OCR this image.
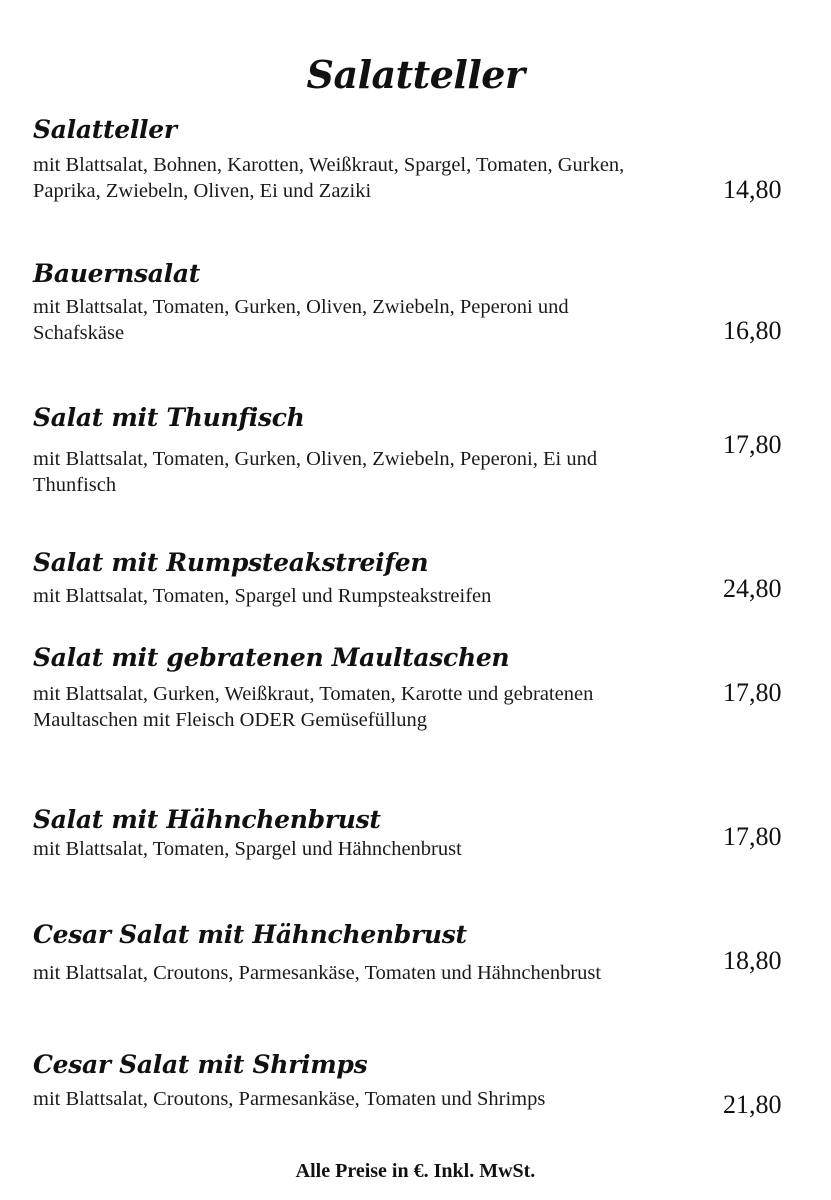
Salatteller
Salatteller

mit Blattsalat, Bohnen, Karotten, Weißkraut, Spargel, Tomaten, Gurken, Paprika, Zwiebeln, Oliven, Ei und Zaziki	14,80
Bauernsalat

mit Blattsalat, Tomaten, Gurken, Oliven, Zwiebeln, Peperoni und Schafskäse	16,80
Salat mit Thunfisch

mit Blattsalat, Tomaten, Gurken, Oliven, Zwiebeln, Peperoni, Ei und Thunfisch

17,80
Salat mit Rumpsteakstreifen

mit Blattsalat, Tomaten, Spargel und Rumpsteakstreifen	24,80
Salat mit gebratenen Maultaschen

mit Blattsalat, Gurken, Weißkraut, Tomaten, Karotte und gebratenen Maultaschen mit Fleisch ODER Gemüsefüllung

17,80
Salat mit Hähnchenbrust

mit Blattsalat, Tomaten, Spargel und Hähnchenbrust	17,80
Cesar Salat mit Hähnchenbrust

mit Blattsalat, Croutons, Parmesankäse, Tomaten und Hähnchenbrust	18,80
Cesar Salat mit Shrimps

mit Blattsalat, Croutons, Parmesankäse, Tomaten und Shrimps	21,80
Alle Preise in €. Inkl. MwSt.
